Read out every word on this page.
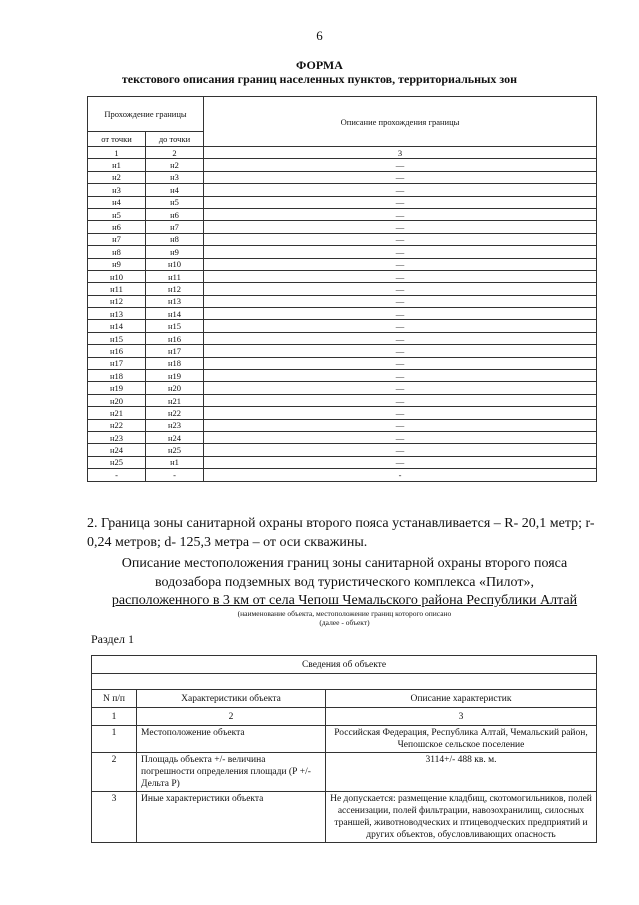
6
ФОРМА
текстового описания границ населенных пунктов, территориальных зон
Прохождение границы		Описание прохождения границы
от точки	до точки	
1	2	3
н1	н2	—
н2	н3	—
н3	н4	—
н4	н5	—
н5	н6	—
н6	н7	—
н7	н8	—
н8	н9	—
н9	н10	—
н10	н11	—
н11	н12	—
н12	н13	—
н13	н14	—
н14	н15	—
н15	н16	—
н16	н17	—
н17	н18	—
н18	н19	—
н19	н20	—
н20	н21	—
н21	н22	—
н22	н23	—
н23	н24	—
н24	н25	—
н25	н1	—
-	-	-
2. Граница зоны санитарной охраны второго пояса устанавливается – R- 20,1 метр; r- 0,24 метров; d- 125,3 метра – от оси скважины.
Описание местоположения границ зоны санитарной охраны второго пояса
водозабора подземных вод туристического комплекса «Пилот»,
расположенного в 3 км от села Чепош Чемальского района Республики Алтай
(наименование объекта, местоположение границ которого описано
(далее - объект)
Раздел 1
Сведения об объекте		

N п/п	Характеристики объекта	Описание характеристик
1	2	3
1	Местоположение объекта	Российская Федерация, Республика Алтай, Чемальский район, Чепошское сельское поселение
2	Площадь объекта +/- величина погрешности определения площади (Р +/- Дельта Р)	3114+/- 488 кв. м.
3	Иные характеристики объекта	Не допускается: размещение кладбищ, скотомогильников, полей ассенизации, полей фильтрации, навозохранилищ, силосных траншей, животноводческих и птицеводческих предприятий и других объектов, обусловливающих опасность
